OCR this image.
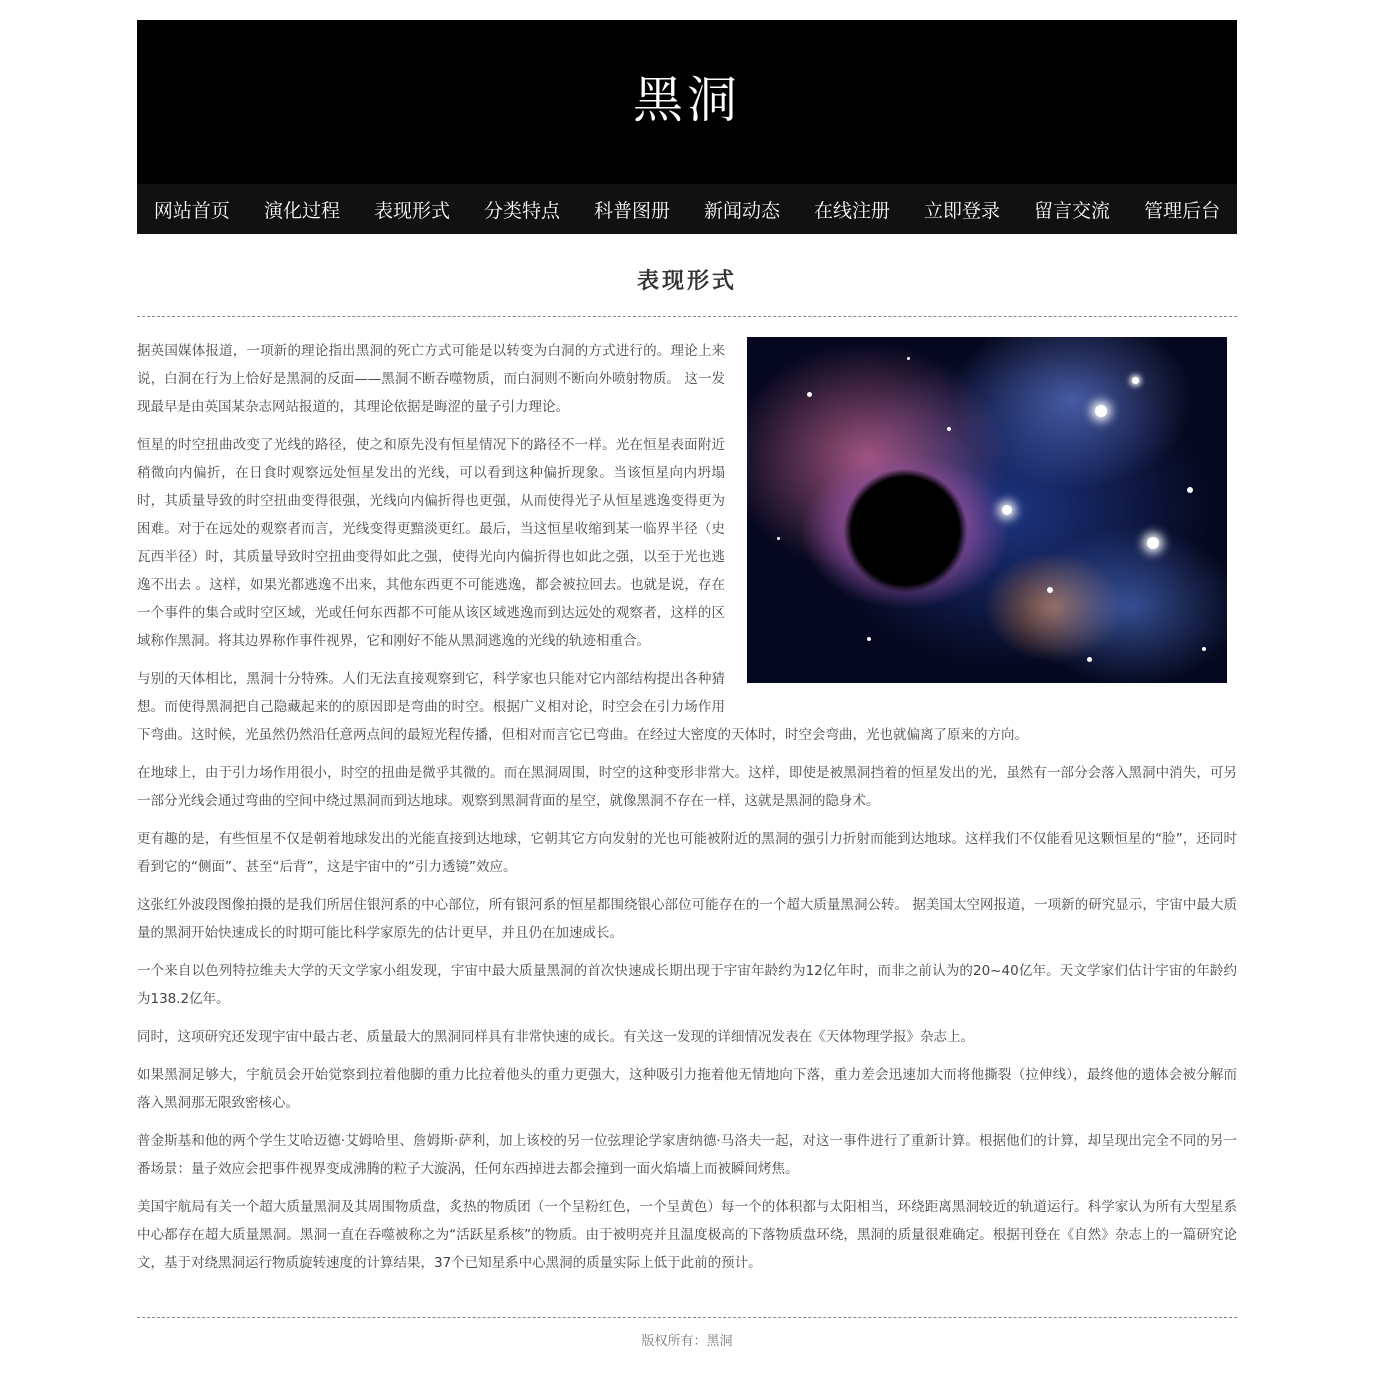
黑洞
网站首页	演化过程	表现形式	分类特点	科普图册	新闻动态	在线注册	立即登录	留言交流	管理后台
表现形式

据英国媒体报道，一项新的理论指出黑洞的死亡方式可能是以转变为白洞的方式进行的。理论上来说，白洞在行为上恰好是黑洞的反面——黑洞不断吞噬物质，而白洞则不断向外喷射物质。 这一发现最早是由英国某杂志网站报道的，其理论依据是晦涩的量子引力理论。

恒星的时空扭曲改变了光线的路径，使之和原先没有恒星情况下的路径不一样。光在恒星表面附近稍微向内偏折，在日食时观察远处恒星发出的光线，可以看到这种偏折现象。当该恒星向内坍塌时，其质量导致的时空扭曲变得很强，光线向内偏折得也更强，从而使得光子从恒星逃逸变得更为困难。对于在远处的观察者而言，光线变得更黯淡更红。最后，当这恒星收缩到某一临界半径（史瓦西半径）时，其质量导致时空扭曲变得如此之强，使得光向内偏折得也如此之强，以至于光也逃逸不出去 。这样，如果光都逃逸不出来，其他东西更不可能逃逸，都会被拉回去。也就是说，存在一个事件的集合或时空区域，光或任何东西都不可能从该区域逃逸而到达远处的观察者，这样的区域称作黑洞。将其边界称作事件视界，它和刚好不能从黑洞逃逸的光线的轨迹相重合。

与别的天体相比，黑洞十分特殊。人们无法直接观察到它，科学家也只能对它内部结构提出各种猜想。而使得黑洞把自己隐藏起来的的原因即是弯曲的时空。根据广义相对论，时空会在引力场作用下弯曲。这时候，光虽然仍然沿任意两点间的最短光程传播，但相对而言它已弯曲。在经过大密度的天体时，时空会弯曲，光也就偏离了原来的方向。

在地球上，由于引力场作用很小，时空的扭曲是微乎其微的。而在黑洞周围，时空的这种变形非常大。这样，即使是被黑洞挡着的恒星发出的光，虽然有一部分会落入黑洞中消失，可另一部分光线会通过弯曲的空间中绕过黑洞而到达地球。观察到黑洞背面的星空，就像黑洞不存在一样，这就是黑洞的隐身术。

更有趣的是，有些恒星不仅是朝着地球发出的光能直接到达地球，它朝其它方向发射的光也可能被附近的黑洞的强引力折射而能到达地球。这样我们不仅能看见这颗恒星的“脸”，还同时看到它的“侧面”、甚至“后背”，这是宇宙中的“引力透镜”效应。

这张红外波段图像拍摄的是我们所居住银河系的中心部位，所有银河系的恒星都围绕银心部位可能存在的一个超大质量黑洞公转。 据美国太空网报道，一项新的研究显示，宇宙中最大质量的黑洞开始快速成长的时期可能比科学家原先的估计更早，并且仍在加速成长。

一个来自以色列特拉维夫大学的天文学家小组发现，宇宙中最大质量黑洞的首次快速成长期出现于宇宙年龄约为12亿年时，而非之前认为的20~40亿年。天文学家们估计宇宙的年龄约为138.2亿年。

同时，这项研究还发现宇宙中最古老、质量最大的黑洞同样具有非常快速的成长。有关这一发现的详细情况发表在《天体物理学报》杂志上。

如果黑洞足够大，宇航员会开始觉察到拉着他脚的重力比拉着他头的重力更强大，这种吸引力拖着他无情地向下落，重力差会迅速加大而将他撕裂（拉伸线），最终他的遗体会被分解而落入黑洞那无限致密核心。

普金斯基和他的两个学生艾哈迈德·艾姆哈里、詹姆斯·萨利，加上该校的另一位弦理论学家唐纳德·马洛夫一起，对这一事件进行了重新计算。根据他们的计算，却呈现出完全不同的另一番场景：量子效应会把事件视界变成沸腾的粒子大漩涡，任何东西掉进去都会撞到一面火焰墙上而被瞬间烤焦。

美国宇航局有关一个超大质量黑洞及其周围物质盘，炙热的物质团（一个呈粉红色，一个呈黄色）每一个的体积都与太阳相当，环绕距离黑洞较近的轨道运行。科学家认为所有大型星系中心都存在超大质量黑洞。黑洞一直在吞噬被称之为“活跃星系核”的物质。由于被明亮并且温度极高的下落物质盘环绕，黑洞的质量很难确定。根据刊登在《自然》杂志上的一篇研究论文，基于对绕黑洞运行物质旋转速度的计算结果，37个已知星系中心黑洞的质量实际上低于此前的预计。

版权所有：黑洞
